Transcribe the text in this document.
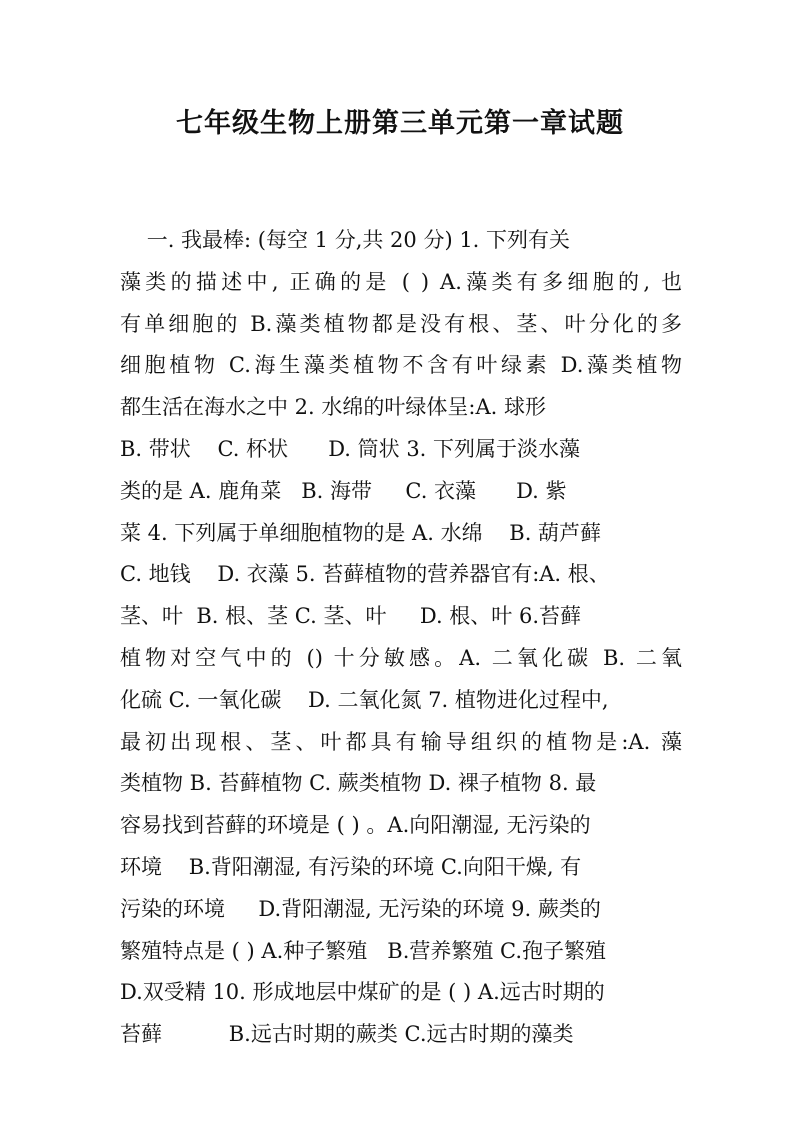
七年级生物上册第三单元第一章试题
一. 我最棒: (每空 1 分,共 20 分) 1. 下列有关
藻类的描述中, 正确的是 ( ) A.藻类有多细胞的, 也
有单细胞的 B.藻类植物都是没有根、茎、叶分化的多
细胞植物 C.海生藻类植物不含有叶绿素 D.藻类植物
都生活在海水之中 2. 水绵的叶绿体呈:A. 球形
B. 带状    C. 杯状      D. 筒状 3. 下列属于淡水藻
类的是 A. 鹿角菜   B. 海带     C. 衣藻      D. 紫
菜 4. 下列属于单细胞植物的是 A. 水绵    B. 葫芦藓
C. 地钱    D. 衣藻 5. 苔藓植物的营养器官有:A. 根、
茎、叶  B. 根、茎 C. 茎、叶     D. 根、叶 6.苔藓
植物对空气中的 () 十分敏感。A. 二氧化碳 B. 二氧
化硫 C. 一氧化碳    D. 二氧化氮 7. 植物进化过程中,
最初出现根、茎、叶都具有输导组织的植物是:A. 藻
类植物 B. 苔藓植物 C. 蕨类植物 D. 裸子植物 8. 最
容易找到苔藓的环境是 ( ) 。A.向阳潮湿, 无污染的
环境    B.背阳潮湿, 有污染的环境 C.向阳干燥, 有
污染的环境     D.背阳潮湿, 无污染的环境 9. 蕨类的
繁殖特点是 ( ) A.种子繁殖   B.营养繁殖 C.孢子繁殖
D.双受精 10. 形成地层中煤矿的是 ( ) A.远古时期的
苔藓          B.远古时期的蕨类 C.远古时期的藻类
